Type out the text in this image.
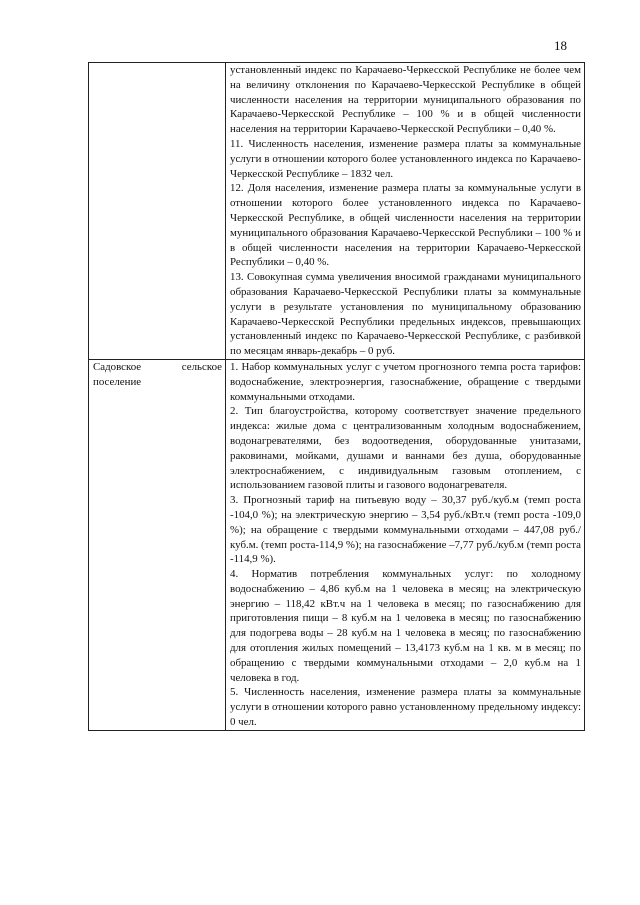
18

	установленный индекс по Карачаево-Черкесской Республике не более чем на величину отклонения по Карачаево-Черкесской Республике в общей численности населения на территории муниципального образования по Карачаево-Черкесской Республике – 100 % и в общей численности населения на территории Карачаево-Черкесской Республики – 0,40 %.

11. Численность населения, изменение размера платы за коммунальные услуги в отношении которого более установленного индекса по Карачаево-Черкесской Республике – 1832 чел.

12. Доля населения, изменение размера платы за коммунальные услуги в отношении которого более установленного индекса по Карачаево-Черкесской Республике, в общей численности населения на территории муниципального образования Карачаево-Черкесской Республики – 100 % и в общей численности населения на территории Карачаево-Черкесской Республики – 0,40 %.

13. Совокупная сумма увеличения вносимой гражданами муниципального образования Карачаево-Черкесской Республики платы за коммунальные услуги в результате установления по муниципальному образованию Карачаево-Черкесской Республики предельных индексов, превышающих установленный индекс по Карачаево-Черкесской Республике, с разбивкой по месяцам январь-декабрь – 0 руб.

Садовское сельское поселение	1. Набор коммунальных услуг с учетом прогнозного темпа роста тарифов: водоснабжение, электроэнергия, газоснабжение, обращение с твердыми коммунальными отходами.

2. Тип благоустройства, которому соответствует значение предельного индекса: жилые дома с централизованным холодным водоснабжением, водонагревателями, без водоотведения, оборудованные унитазами, раковинами, мойками, душами и ваннами без душа, оборудованные электроснабжением, с индивидуальным газовым отоплением, с использованием газовой плиты и газового водонагревателя.

3. Прогнозный тариф на питьевую воду – 30,37 руб./куб.м (темп роста -104,0 %); на электрическую энергию – 3,54 руб./кВт.ч (темп роста -109,0 %); на обращение с твердыми коммунальными отходами – 447,08 руб./куб.м. (темп роста-114,9 %); на газоснабжение –7,77 руб./куб.м (темп роста -114,9 %).

4. Норматив потребления коммунальных услуг: по холодному водоснабжению – 4,86 куб.м на 1 человека в месяц; на электрическую энергию – 118,42 кВт.ч на 1 человека в месяц; по газоснабжению для приготовления пищи – 8 куб.м на 1 человека в месяц; по газоснабжению для подогрева воды – 28 куб.м на 1 человека в месяц; по газоснабжению для отопления жилых помещений – 13,4173 куб.м на 1 кв. м в месяц; по обращению с твердыми коммунальными отходами – 2,0 куб.м на 1 человека в год.

5. Численность населения, изменение размера платы за коммунальные услуги в отношении которого равно установленному предельному индексу: 0 чел.
